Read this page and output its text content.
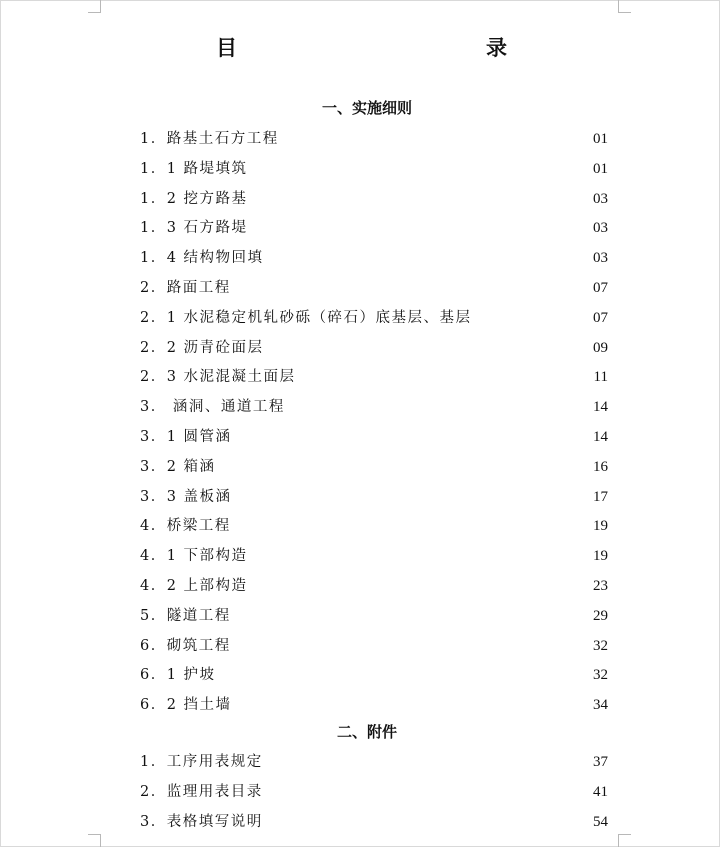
目	录
一、实施细则
1．路基土石方工程	01
1．1 路堤填筑	01
1．2 挖方路基	03
1．3 石方路堤	03
1．4 结构物回填	03
2．路面工程	07
2．1 水泥稳定机轧砂砾（碎石）底基层、基层	07
2．2 沥青砼面层	09
2．3 水泥混凝土面层	11
3． 涵洞、通道工程	14
3．1 圆管涵	14
3．2 箱涵	16
3．3 盖板涵	17
4．桥梁工程	19
4．1 下部构造	19
4．2 上部构造	23
5．隧道工程	29
6．砌筑工程	32
6．1 护坡	32
6．2 挡土墙	34
二、附件
1．工序用表规定	37
2．监理用表目录	41
3．表格填写说明	54
